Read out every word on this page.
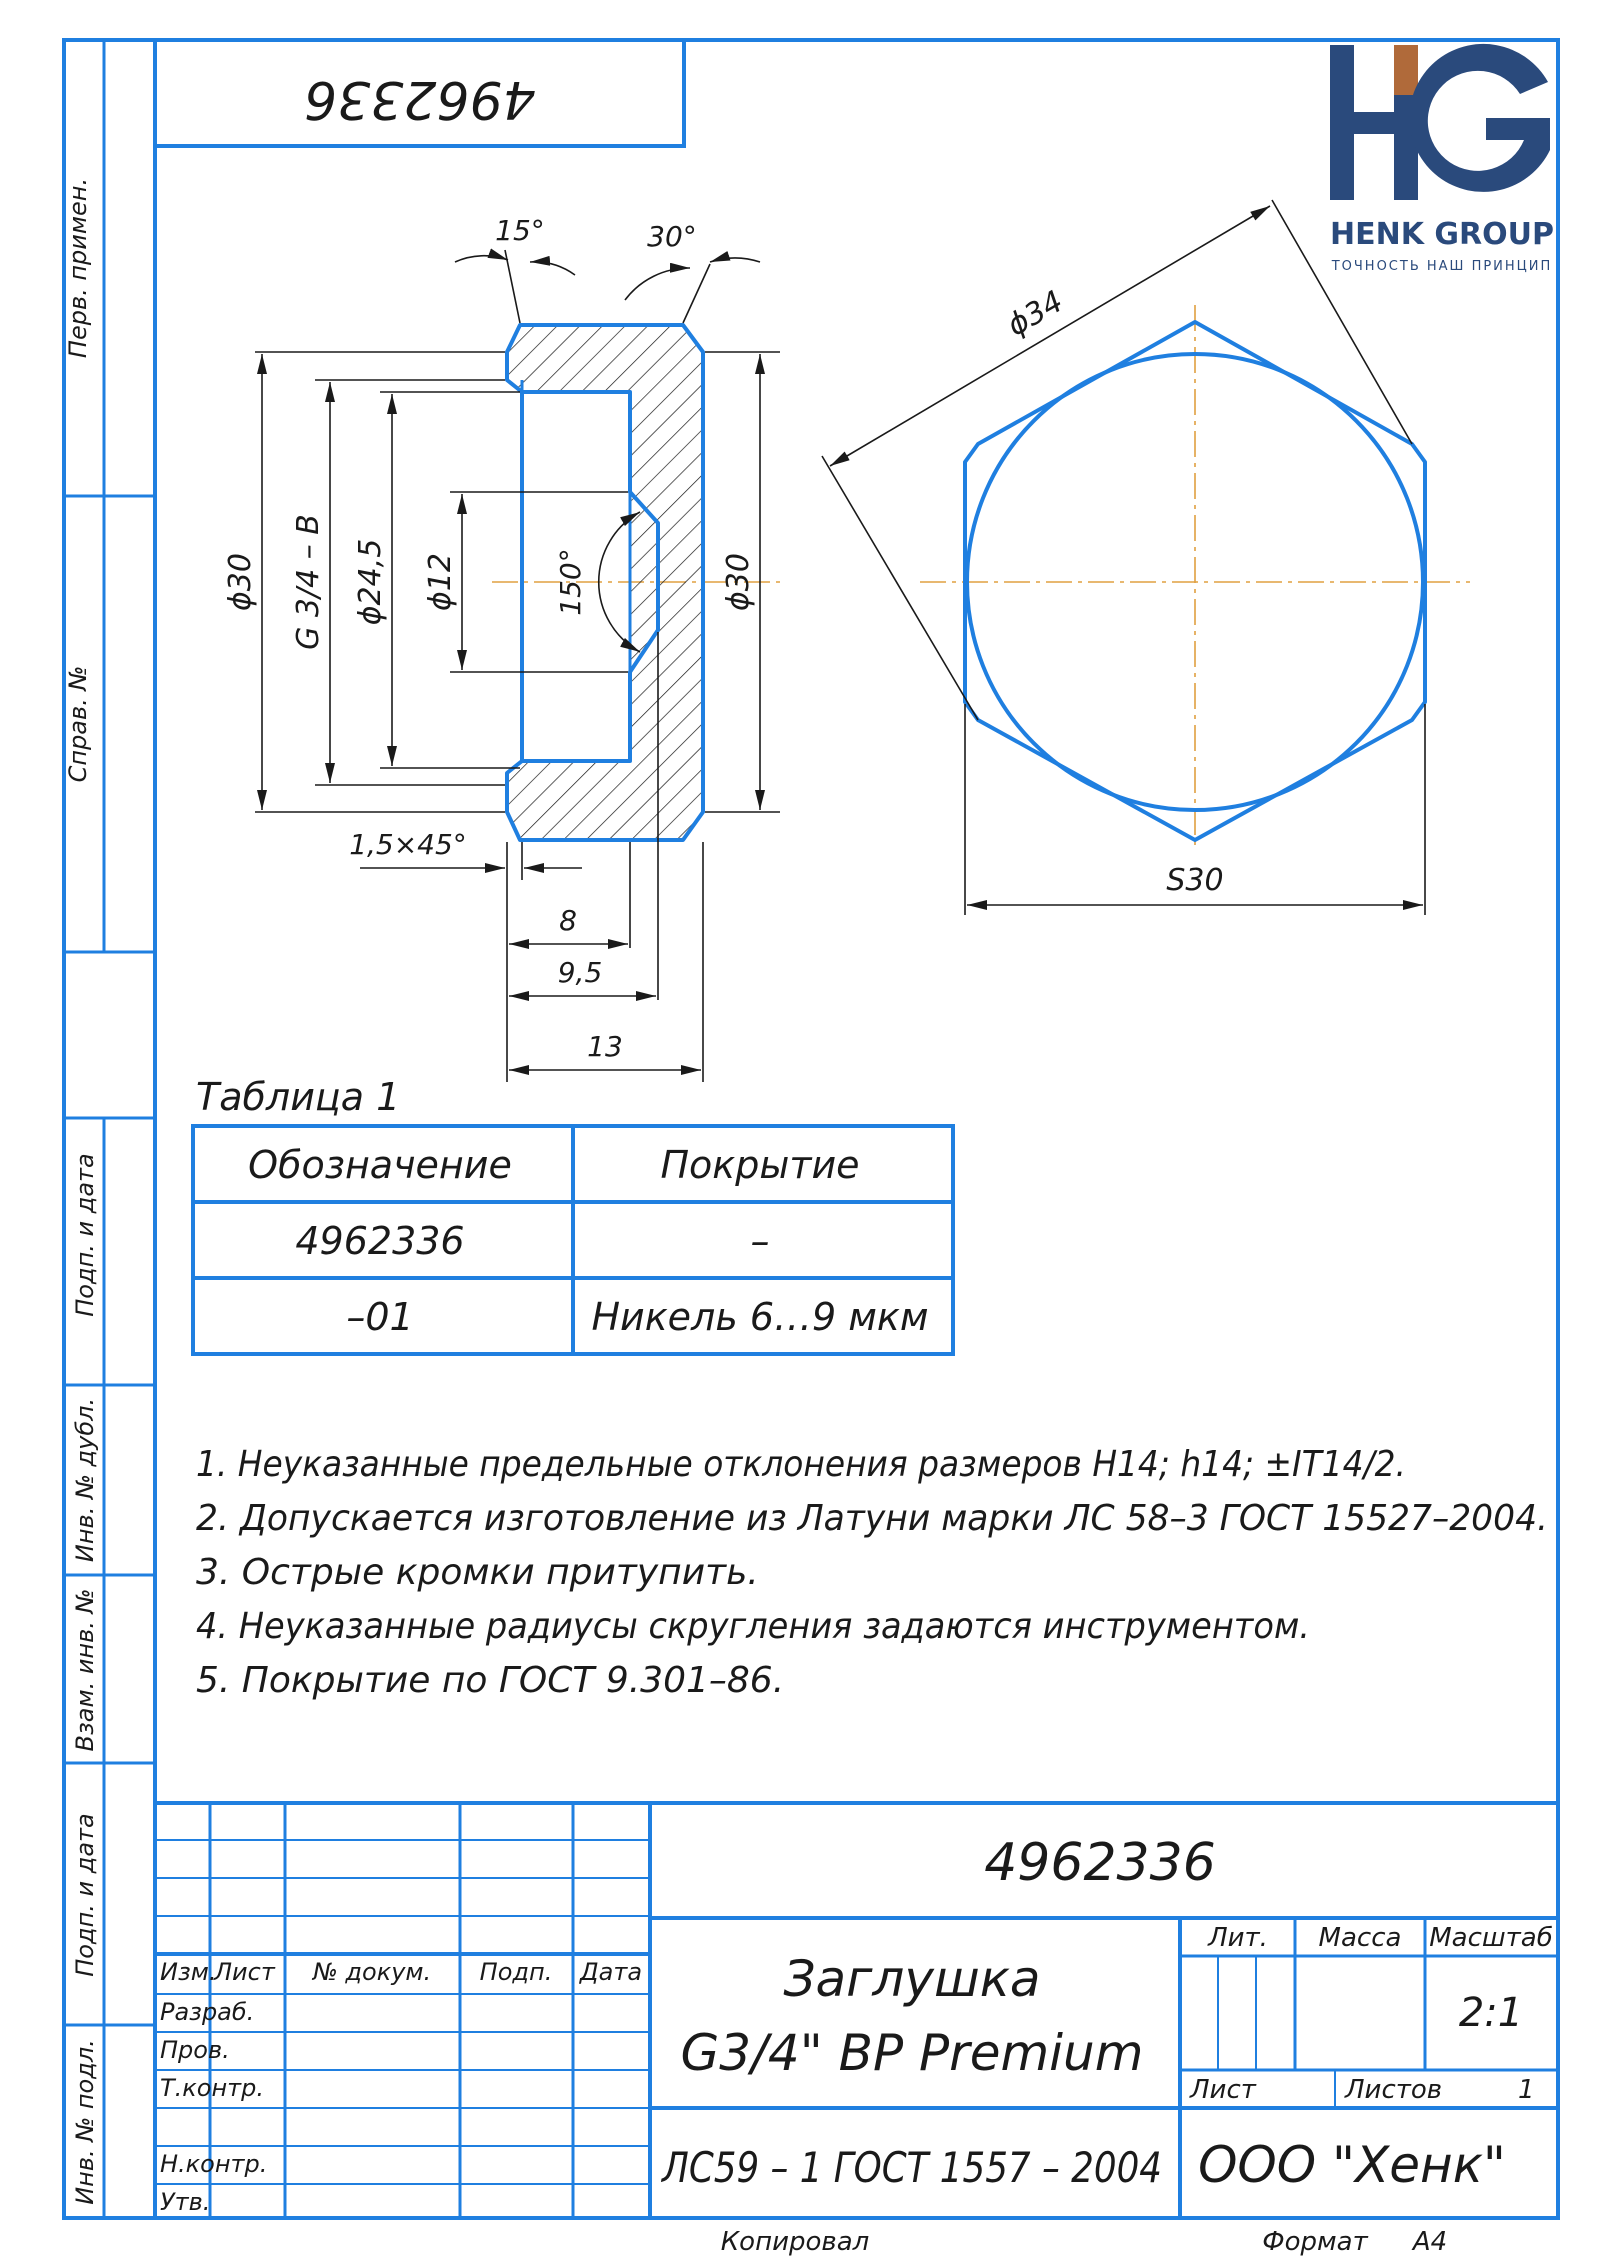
4962336
Перв. примен.
Справ. №
Подп. и дата
Инв. № дубл.
Взам. инв. №
Подп. и дата
Инв. № подл.
HENK GROUP
ТОЧНОСТЬ НАШ ПРИНЦИП
15°	30°
ϕ30 G 3/4 – B ϕ24,5 ϕ12	150°	ϕ30
1,5×45°
8
9,5
13
ϕ34
S30
Таблица 1
Обозначение	Покрытие
4962336	–
–01	Никель 6…9 мкм
1. Неуказанные предельные отклонения размеров H14; h14; ±IT14/2.
2. Допускается изготовление из Латуни марки ЛС 58–3 ГОСТ 15527–2004.
3. Острые кромки притупить.
4. Неуказанные радиусы скругления задаются инструментом.
5. Покрытие по ГОСТ 9.301–86.
Изм.
Лист № докум. Подп. Дата
Разраб.
Пров.
Т.контр.
Н.контр.
Утв.
4962336
Заглушка
G3/4" ВР Premium
ЛС59 – 1 ГОСТ 1557 – 2004 ООО "Хенк"
Лит. Масса Масштаб
2:1
Лист	Листов	1
Копировал	Формат А4
